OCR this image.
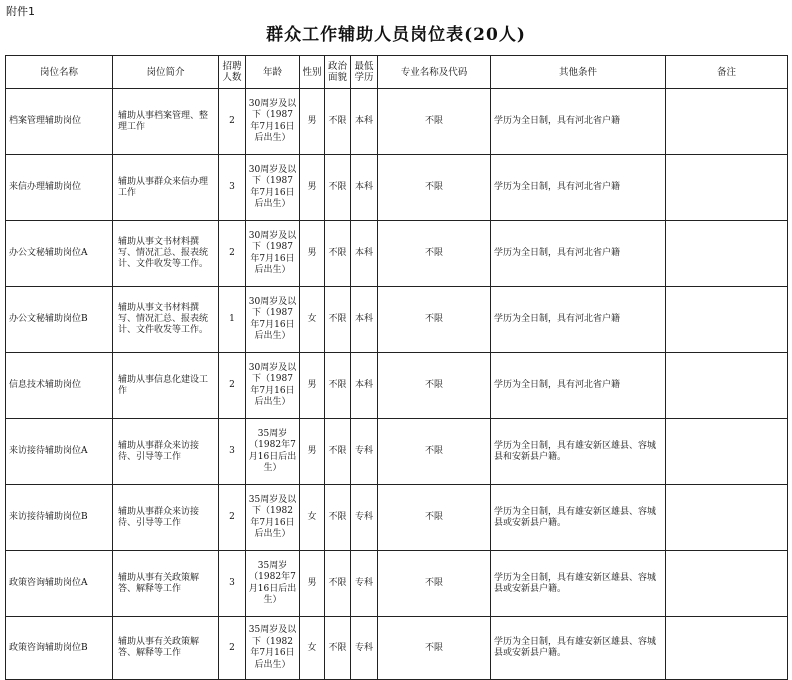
附件1
群众工作辅助人员岗位表(20人)
岗位名称	岗位简介	招聘人数	年龄	性别	政治面貌	最低学历	专业名称及代码	其他条件	备注
档案管理辅助岗位	辅助从事档案管理、整理工作	2	30周岁及以下（1987年7月16日后出生）	男	不限	本科	不限	学历为全日制，具有河北省户籍	
来信办理辅助岗位	辅助从事群众来信办理工作	3	30周岁及以下（1987年7月16日后出生）	男	不限	本科	不限	学历为全日制，具有河北省户籍	
办公文秘辅助岗位A	辅助从事文书材料撰写、情况汇总、报表统计、文件收发等工作。	2	30周岁及以下（1987年7月16日后出生）	男	不限	本科	不限	学历为全日制，具有河北省户籍	
办公文秘辅助岗位B	辅助从事文书材料撰写、情况汇总、报表统计、文件收发等工作。	1	30周岁及以下（1987年7月16日后出生）	女	不限	本科	不限	学历为全日制，具有河北省户籍	
信息技术辅助岗位	辅助从事信息化建设工作	2	30周岁及以下（1987年7月16日后出生）	男	不限	本科	不限	学历为全日制，具有河北省户籍	
来访接待辅助岗位A	辅助从事群众来访接待、引导等工作	3	35周岁（1982年7月16日后出生）	男	不限	专科	不限	学历为全日制，具有雄安新区雄县、容城县和安新县户籍。	
来访接待辅助岗位B	辅助从事群众来访接待、引导等工作	2	35周岁及以下（1982年7月16日后出生）	女	不限	专科	不限	学历为全日制，具有雄安新区雄县、容城县或安新县户籍。	
政策咨询辅助岗位A	辅助从事有关政策解答、解释等工作	3	35周岁（1982年7月16日后出生）	男	不限	专科	不限	学历为全日制，具有雄安新区雄县、容城县或安新县户籍。	
政策咨询辅助岗位B	辅助从事有关政策解答、解释等工作	2	35周岁及以下（1982年7月16日后出生）	女	不限	专科	不限	学历为全日制，具有雄安新区雄县、容城县或安新县户籍。	
